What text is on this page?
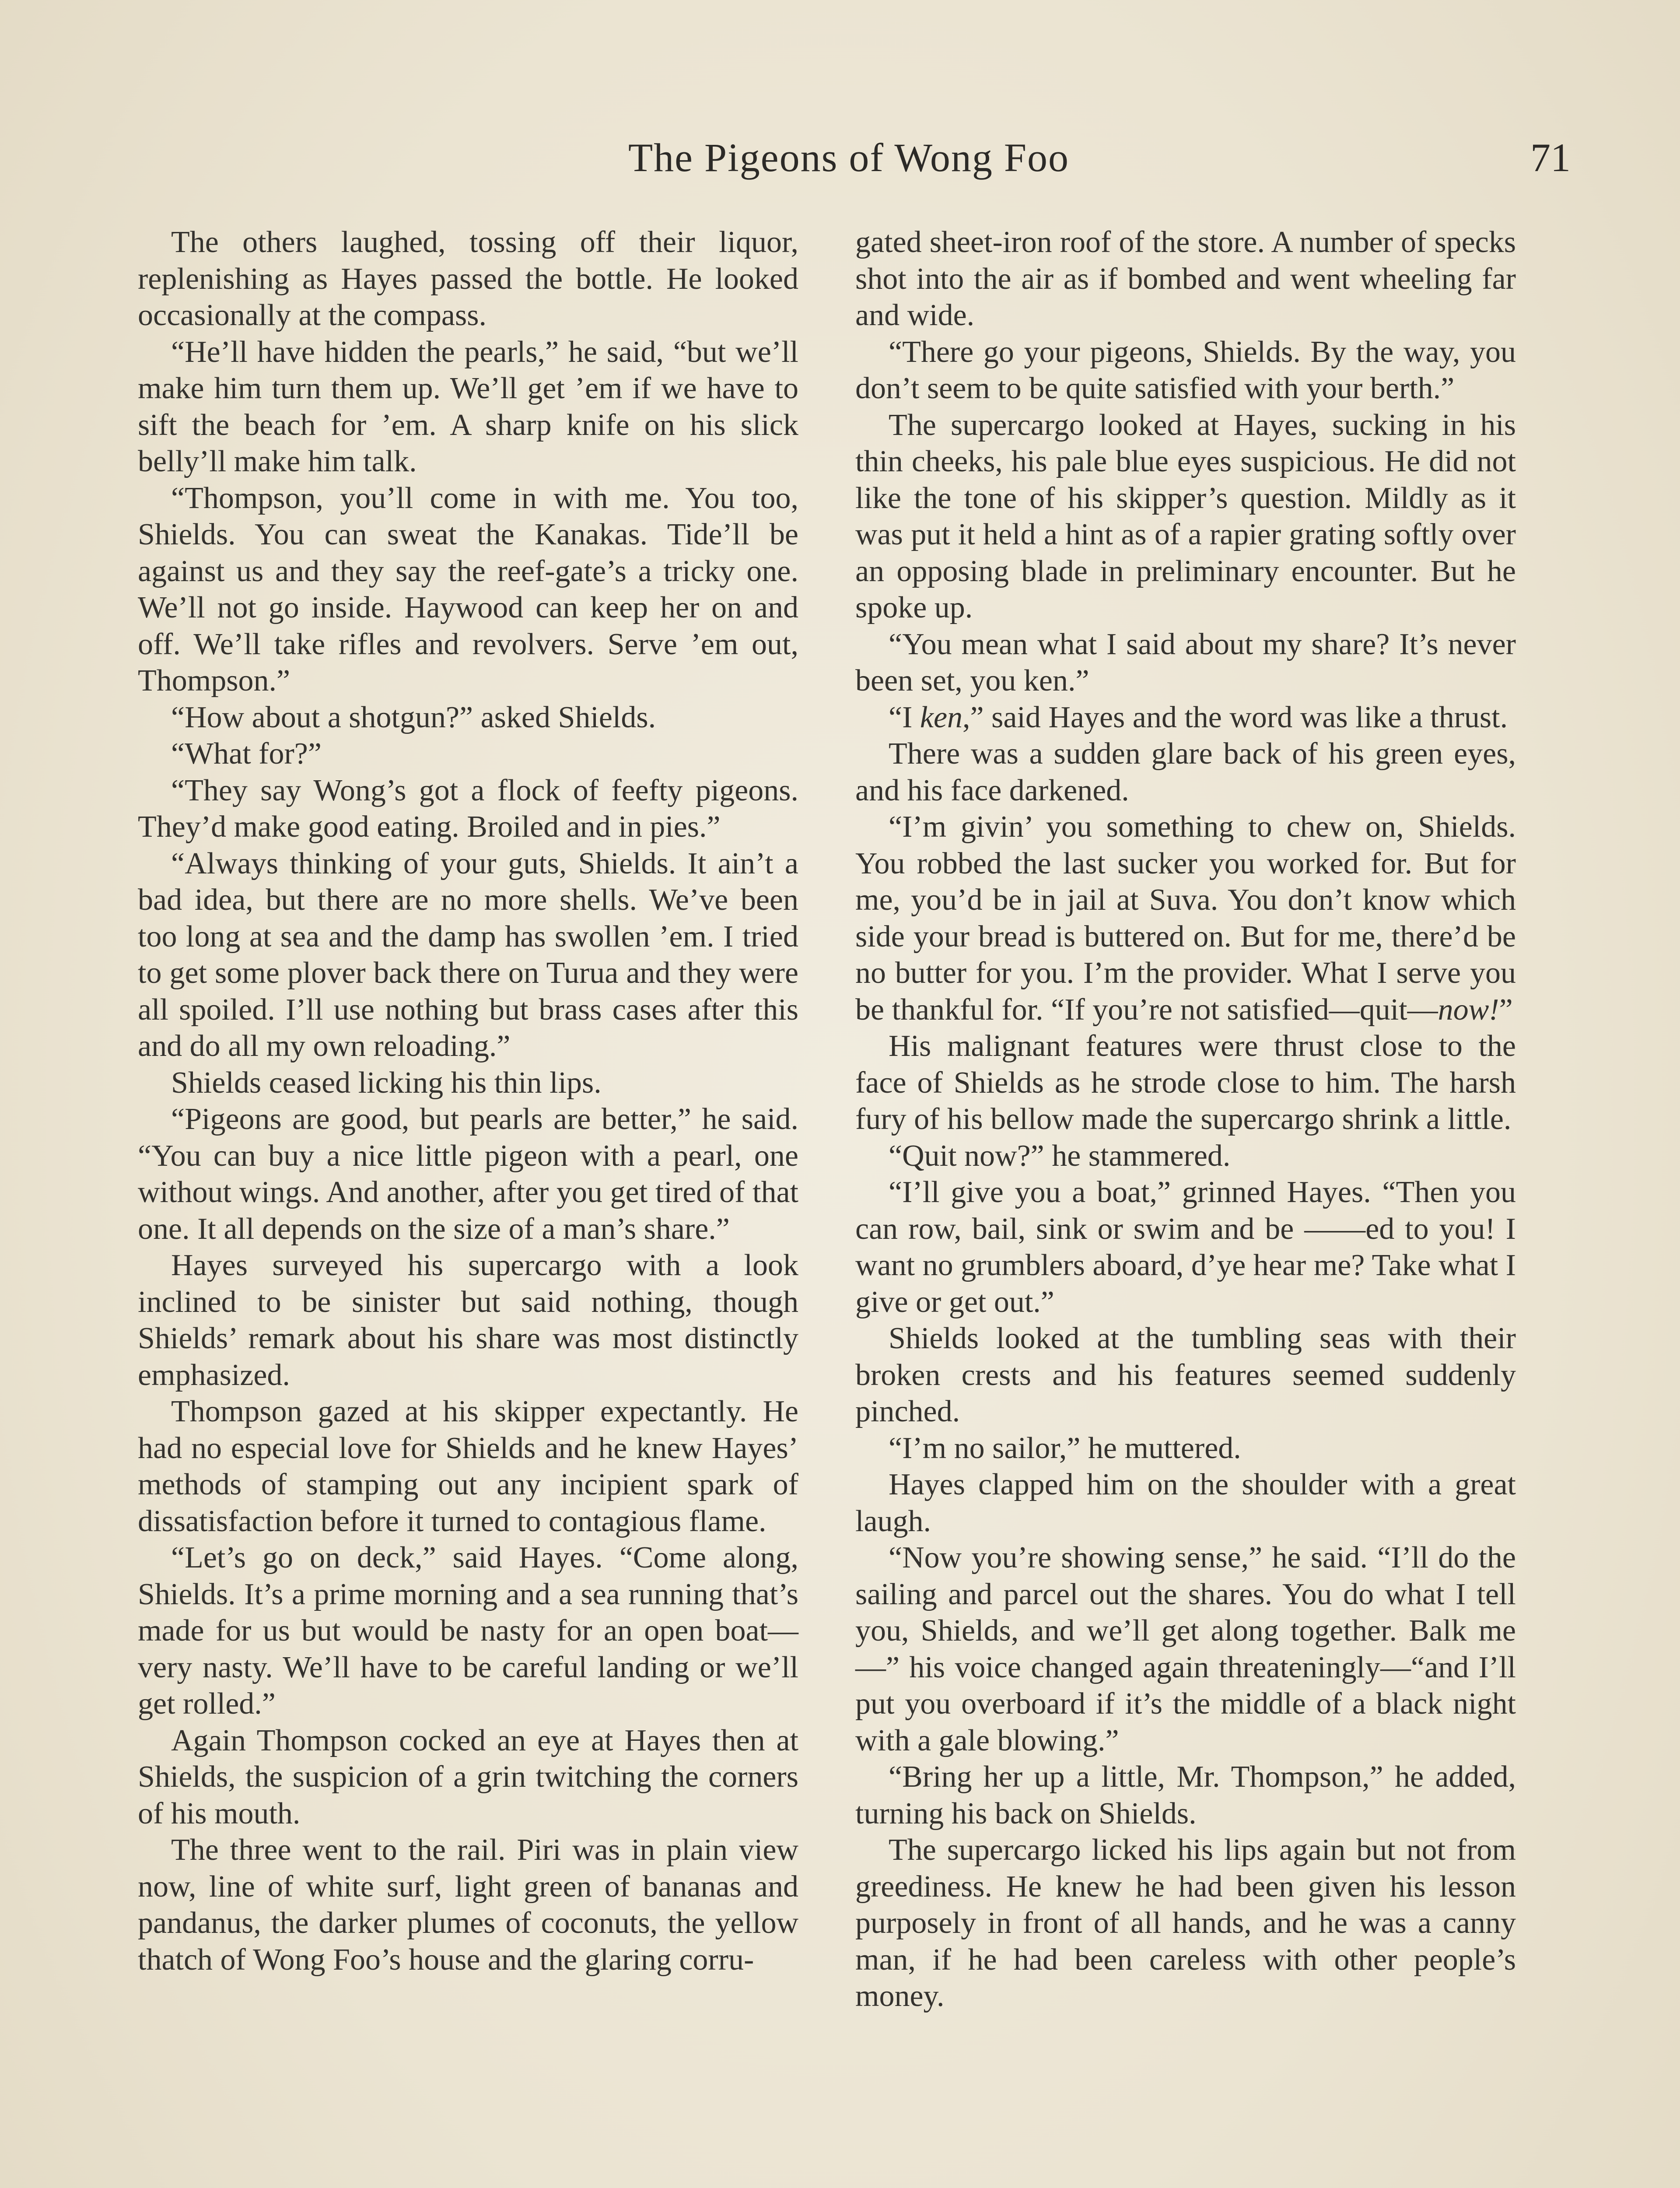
The Pigeons of Wong Foo	71

The others laughed, tossing off their liquor, replenishing as Hayes passed the bottle. He looked occasionally at the compass.

“He’ll have hidden the pearls,” he said, “but we’ll make him turn them up. We’ll get ’em if we have to sift the beach for ’em. A sharp knife on his slick belly’ll make him talk.

“Thompson, you’ll come in with me. You too, Shields. You can sweat the Kanakas. Tide’ll be against us and they say the reef-gate’s a tricky one. We’ll not go inside. Haywood can keep her on and off. We’ll take rifles and revolvers. Serve ’em out, Thompson.”

“How about a shotgun?” asked Shields.

“What for?”

“They say Wong’s got a flock of feefty pigeons. They’d make good eating. Broiled and in pies.”

“Always thinking of your guts, Shields. It ain’t a bad idea, but there are no more shells. We’ve been too long at sea and the damp has swollen ’em. I tried to get some plover back there on Turua and they were all spoiled. I’ll use nothing but brass cases after this and do all my own reloading.”

Shields ceased licking his thin lips.

“Pigeons are good, but pearls are better,” he said. “You can buy a nice little pigeon with a pearl, one without wings. And another, after you get tired of that one. It all depends on the size of a man’s share.”

Hayes surveyed his supercargo with a look inclined to be sinister but said nothing, though Shields’ remark about his share was most distinctly emphasized.

Thompson gazed at his skipper expectantly. He had no especial love for Shields and he knew Hayes’ methods of stamping out any incipient spark of dissatisfaction before it turned to contagious flame.

“Let’s go on deck,” said Hayes. “Come along, Shields. It’s a prime morning and a sea running that’s made for us but would be nasty for an open boat—very nasty. We’ll have to be careful landing or we’ll get rolled.”

Again Thompson cocked an eye at Hayes then at Shields, the suspicion of a grin twitching the corners of his mouth.

The three went to the rail. Piri was in plain view now, line of white surf, light green of bananas and pandanus, the darker plumes of coconuts, the yellow thatch of Wong Foo’s house and the glaring corru-

gated sheet-iron roof of the store. A number of specks shot into the air as if bombed and went wheeling far and wide.

“There go your pigeons, Shields. By the way, you don’t seem to be quite satisfied with your berth.”

The supercargo looked at Hayes, sucking in his thin cheeks, his pale blue eyes suspicious. He did not like the tone of his skipper’s question. Mildly as it was put it held a hint as of a rapier grating softly over an opposing blade in preliminary encounter. But he spoke up.

“You mean what I said about my share? It’s never been set, you ken.”

“I ken,” said Hayes and the word was like a thrust.

There was a sudden glare back of his green eyes, and his face darkened.

“I’m givin’ you something to chew on, Shields. You robbed the last sucker you worked for. But for me, you’d be in jail at Suva. You don’t know which side your bread is buttered on. But for me, there’d be no butter for you. I’m the provider. What I serve you be thankful for. “If you’re not satisfied—quit—now!”

His malignant features were thrust close to the face of Shields as he strode close to him. The harsh fury of his bellow made the supercargo shrink a little.

“Quit now?” he stammered.

“I’ll give you a boat,” grinned Hayes. “Then you can row, bail, sink or swim and be ——ed to you! I want no grumblers aboard, d’ye hear me? Take what I give or get out.”

Shields looked at the tumbling seas with their broken crests and his features seemed suddenly pinched.

“I’m no sailor,” he muttered.

Hayes clapped him on the shoulder with a great laugh.

“Now you’re showing sense,” he said. “I’ll do the sailing and parcel out the shares. You do what I tell you, Shields, and we’ll get along together. Balk me—” his voice changed again threateningly—“and I’ll put you overboard if it’s the middle of a black night with a gale blowing.”

“Bring her up a little, Mr. Thompson,” he added, turning his back on Shields.

The supercargo licked his lips again but not from greediness. He knew he had been given his lesson purposely in front of all hands, and he was a canny man, if he had been careless with other people’s money.
